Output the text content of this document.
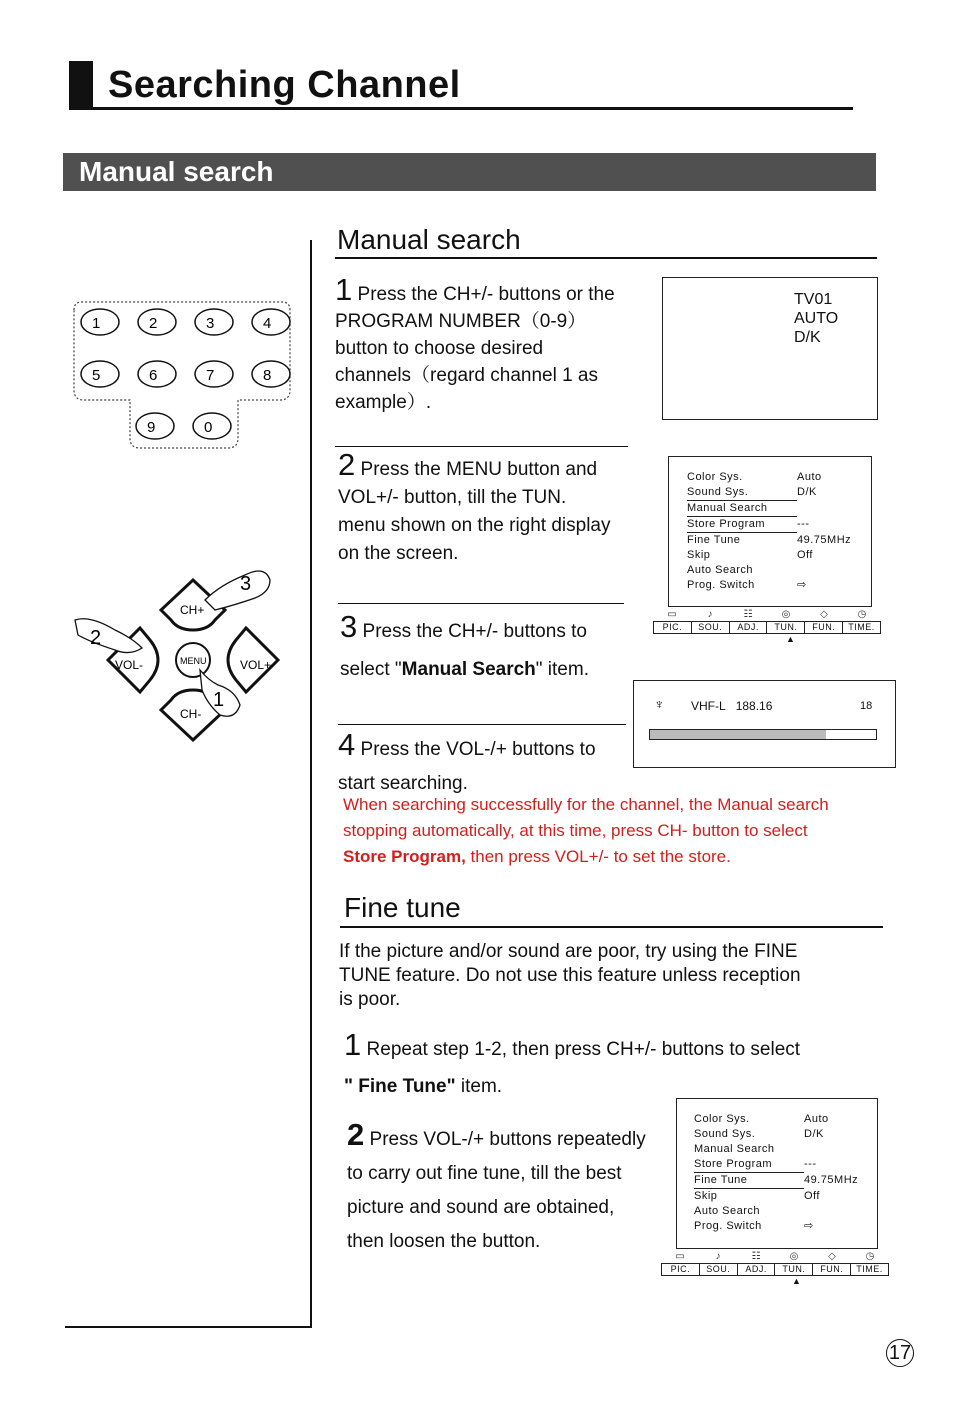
Searching Channel
Manual search
1	2	3	4
5	6	7	8
9	0
CH+
CH-
VOL-	VOL+
MENU
3
2
1
Manual search
1 Press the CH+/- buttons or the
PROGRAM NUMBER（0-9）
button to choose desired
channels（regard channel 1 as
example）.
TV01
AUTO
D/K
2 Press the MENU button and
VOL+/- button, till the TUN.
menu shown on the right display
on the screen.
Color Sys.	Auto
Sound Sys.	D/K
Manual Search
Store Program	---
Fine Tune	49.75MHz
Skip	Off
Auto Search
Prog. Switch	⇨
▭	♪	☷	◎	◇	◷
PIC.	SOU.	ADJ.	TUN.	FUN.	TIME.
▲
3 Press the CH+/- buttons to
select "Manual Search" item.
♆ VHF-L 188.16	18
4 Press the VOL-/+ buttons to
start searching.
When searching successfully for the channel, the Manual search
stopping automatically, at this time, press CH- button to select
Store Program, then press VOL+/- to set the store.
Fine tune
If the picture and/or sound are poor, try using the FINE
TUNE feature. Do not use this feature unless reception
is poor.
1 Repeat step 1-2, then press CH+/- buttons to select
" Fine Tune" item.
2 Press VOL-/+ buttons repeatedly
to carry out fine tune, till the best
picture and sound are obtained,
then loosen the button.
Color Sys.	Auto
Sound Sys.	D/K
Manual Search
Store Program	---
Fine Tune	49.75MHz
Skip	Off
Auto Search
Prog. Switch	⇨
▭	♪	☷	◎	◇	◷
PIC.	SOU.	ADJ.	TUN.	FUN.	TIME.
▲
17
